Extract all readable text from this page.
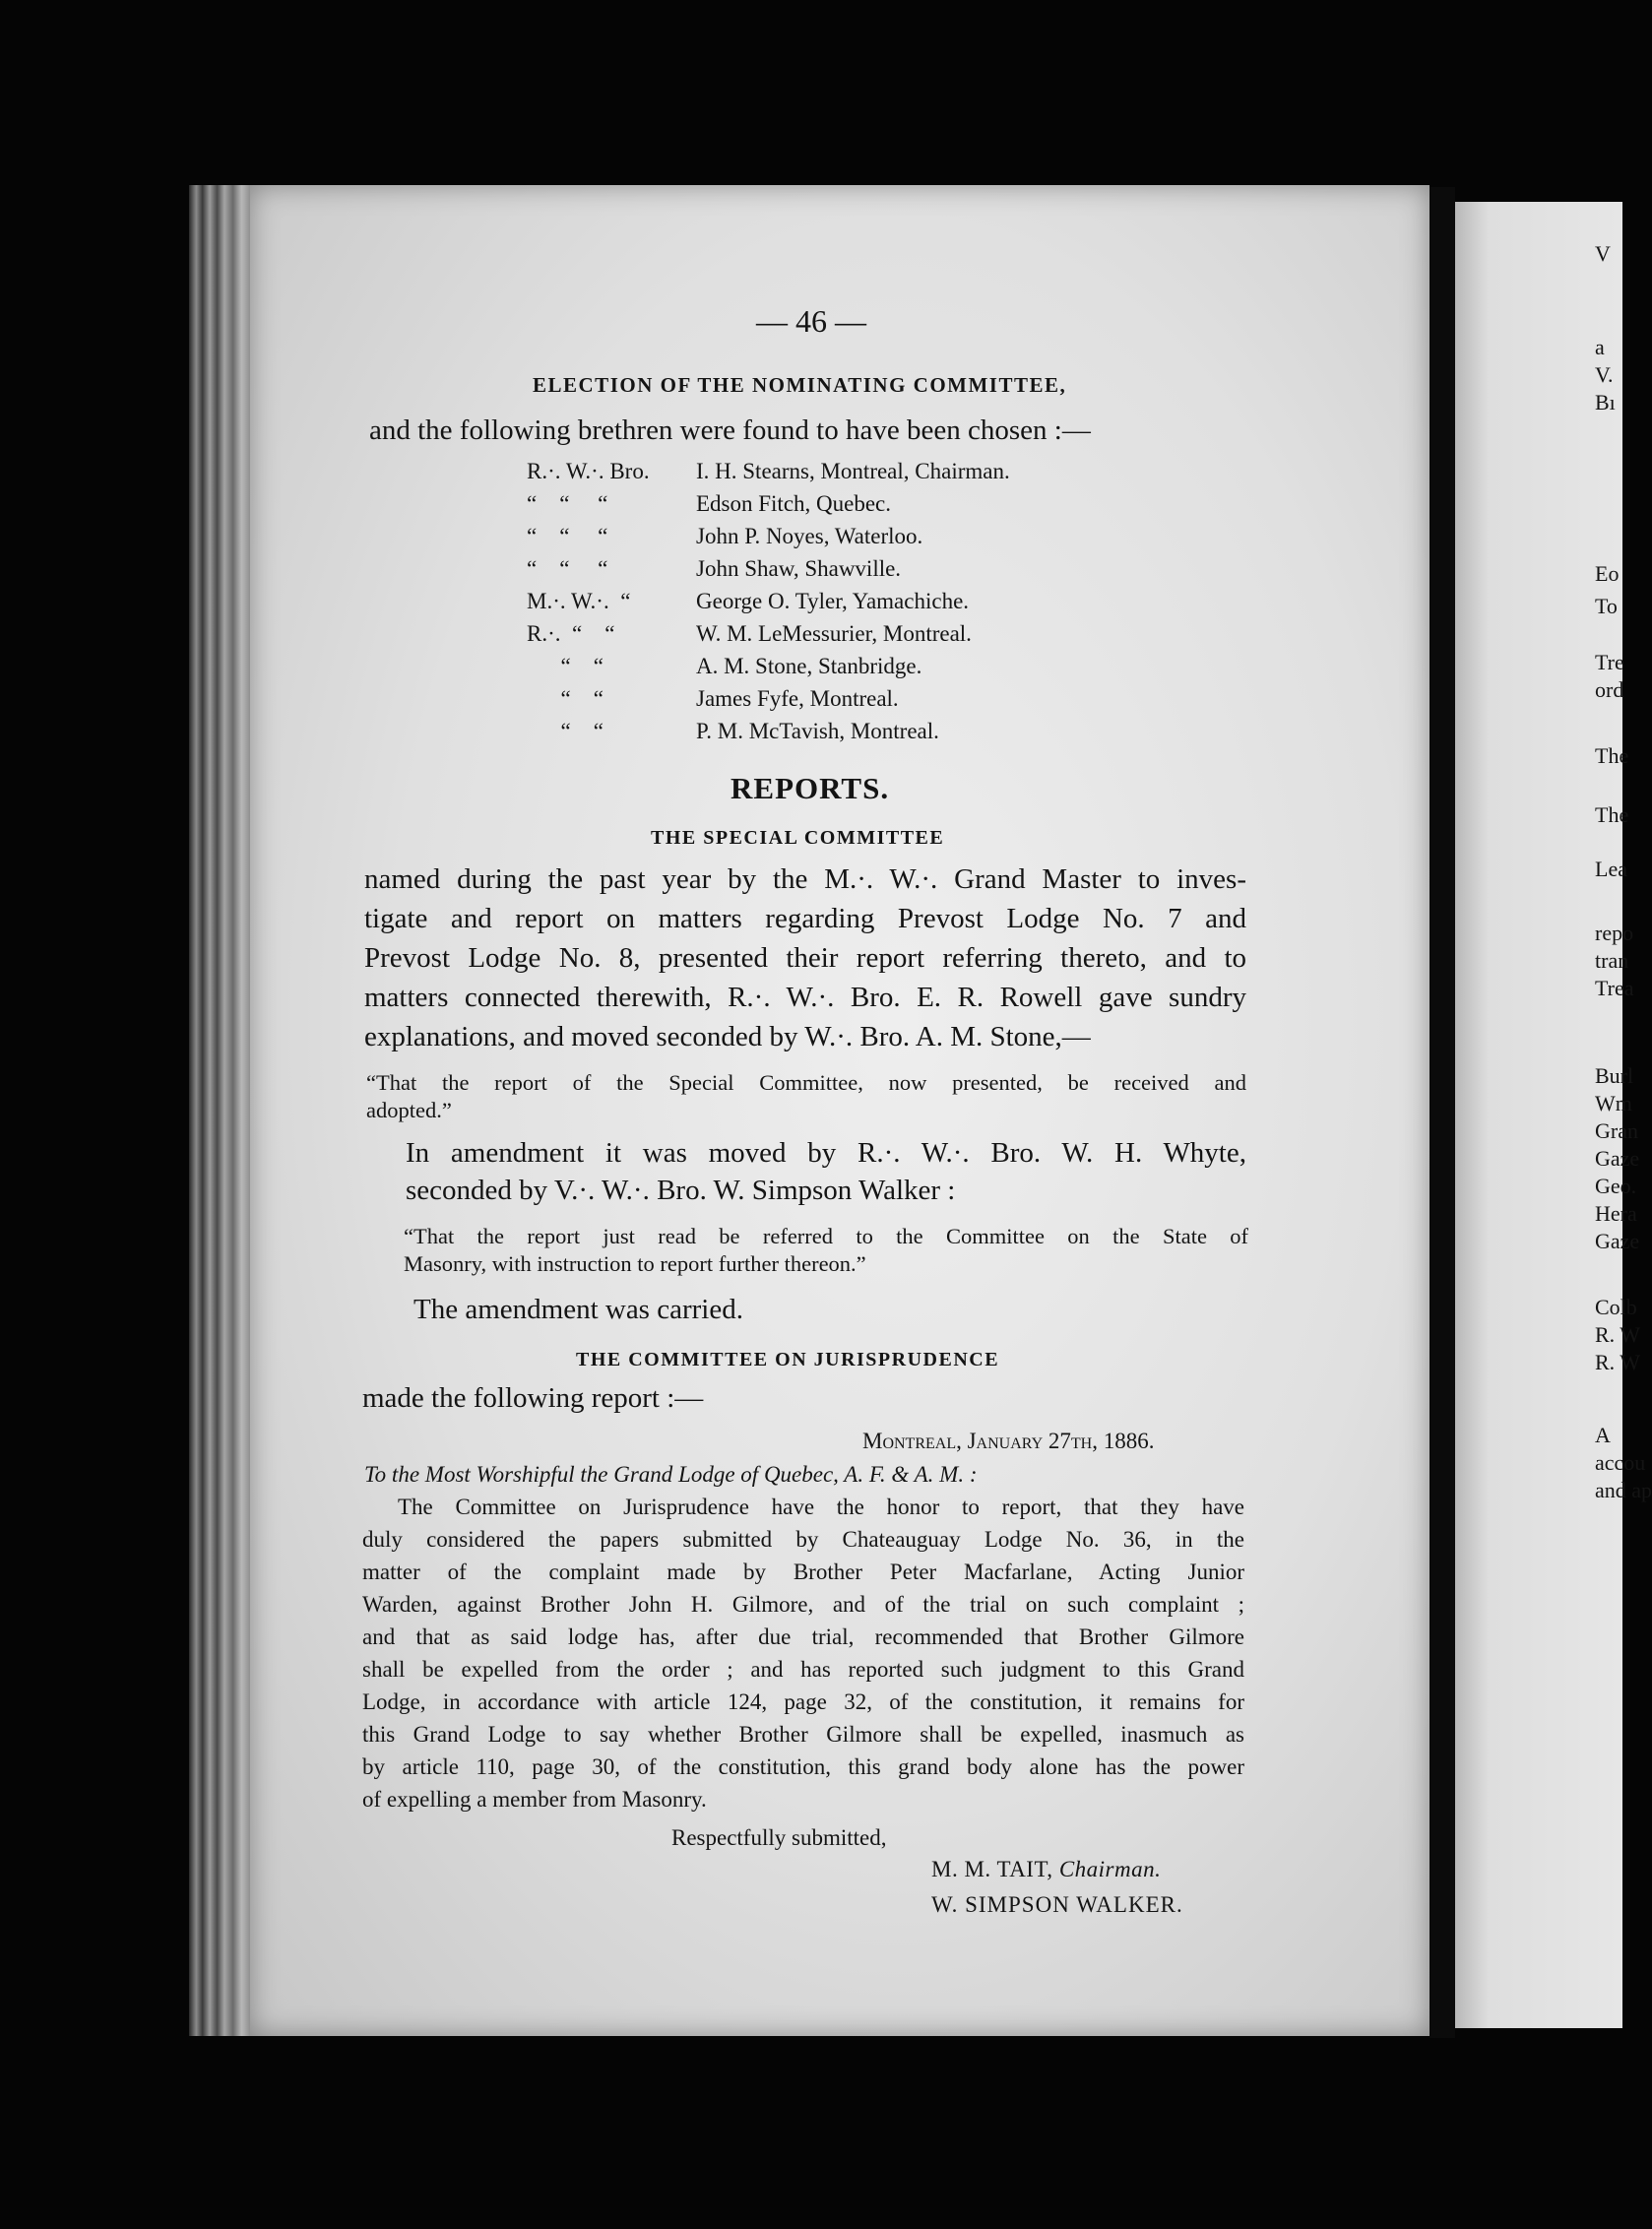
V
a
V.
Bı
Eo
To
Tre
ord
The
The
Lea
repo
tran
Trea
Burl
Wm
Gran
Gaze
Geo.
Hera
Gaze
Colb
R. W
R. W
A
accou
and ap
— 46 —
ELECTION OF THE NOMINATING COMMITTEE,
and the following brethren were found to have been chosen :—
R.·. W.·. Bro.	I. H. Stearns, Montreal, Chairman.
“    “     “	Edson Fitch, Quebec.
“    “     “	John P. Noyes, Waterloo.
“    “     “	John Shaw, Shawville.
M.·. W.·.  “	George O. Tyler, Yamachiche.
R.·.  “    “	W. M. LeMessurier, Montreal.
“    “	A. M. Stone, Stanbridge.
“    “	James Fyfe, Montreal.
“    “	P. M. McTavish, Montreal.
REPORTS.
THE SPECIAL COMMITTEE
named during the past year by the M.·. W.·. Grand Master to inves-
tigate and report on matters regarding Prevost Lodge No. 7 and
Prevost Lodge No. 8, presented their report referring thereto, and to
matters connected therewith, R.·. W.·. Bro. E. R. Rowell gave sundry
explanations, and moved seconded by W.·. Bro. A. M. Stone,—
“That the report of the Special Committee, now presented, be received and
adopted.”
In amendment it was moved by R.·. W.·. Bro. W. H. Whyte,
seconded by V.·. W.·. Bro. W. Simpson Walker :
“That the report just read be referred to the Committee on the State of
Masonry, with instruction to report further thereon.”
The amendment was carried.
THE COMMITTEE ON JURISPRUDENCE
made the following report :—
Montreal, January 27th, 1886.
To the Most Worshipful the Grand Lodge of Quebec, A. F. & A. M. :
The Committee on Jurisprudence have the honor to report, that they have
duly considered the papers submitted by Chateauguay Lodge No. 36, in the
matter of the complaint made by Brother Peter Macfarlane, Acting Junior
Warden, against Brother John H. Gilmore, and of the trial on such complaint ;
and that as said lodge has, after due trial, recommended that Brother Gilmore
shall be expelled from the order ; and has reported such judgment to this Grand
Lodge, in accordance with article 124, page 32, of the constitution, it remains for
this Grand Lodge to say whether Brother Gilmore shall be expelled, inasmuch as
by article 110, page 30, of the constitution, this grand body alone has the power
of expelling a member from Masonry.
Respectfully submitted,
M. M. TAIT, Chairman.
W. SIMPSON WALKER.
